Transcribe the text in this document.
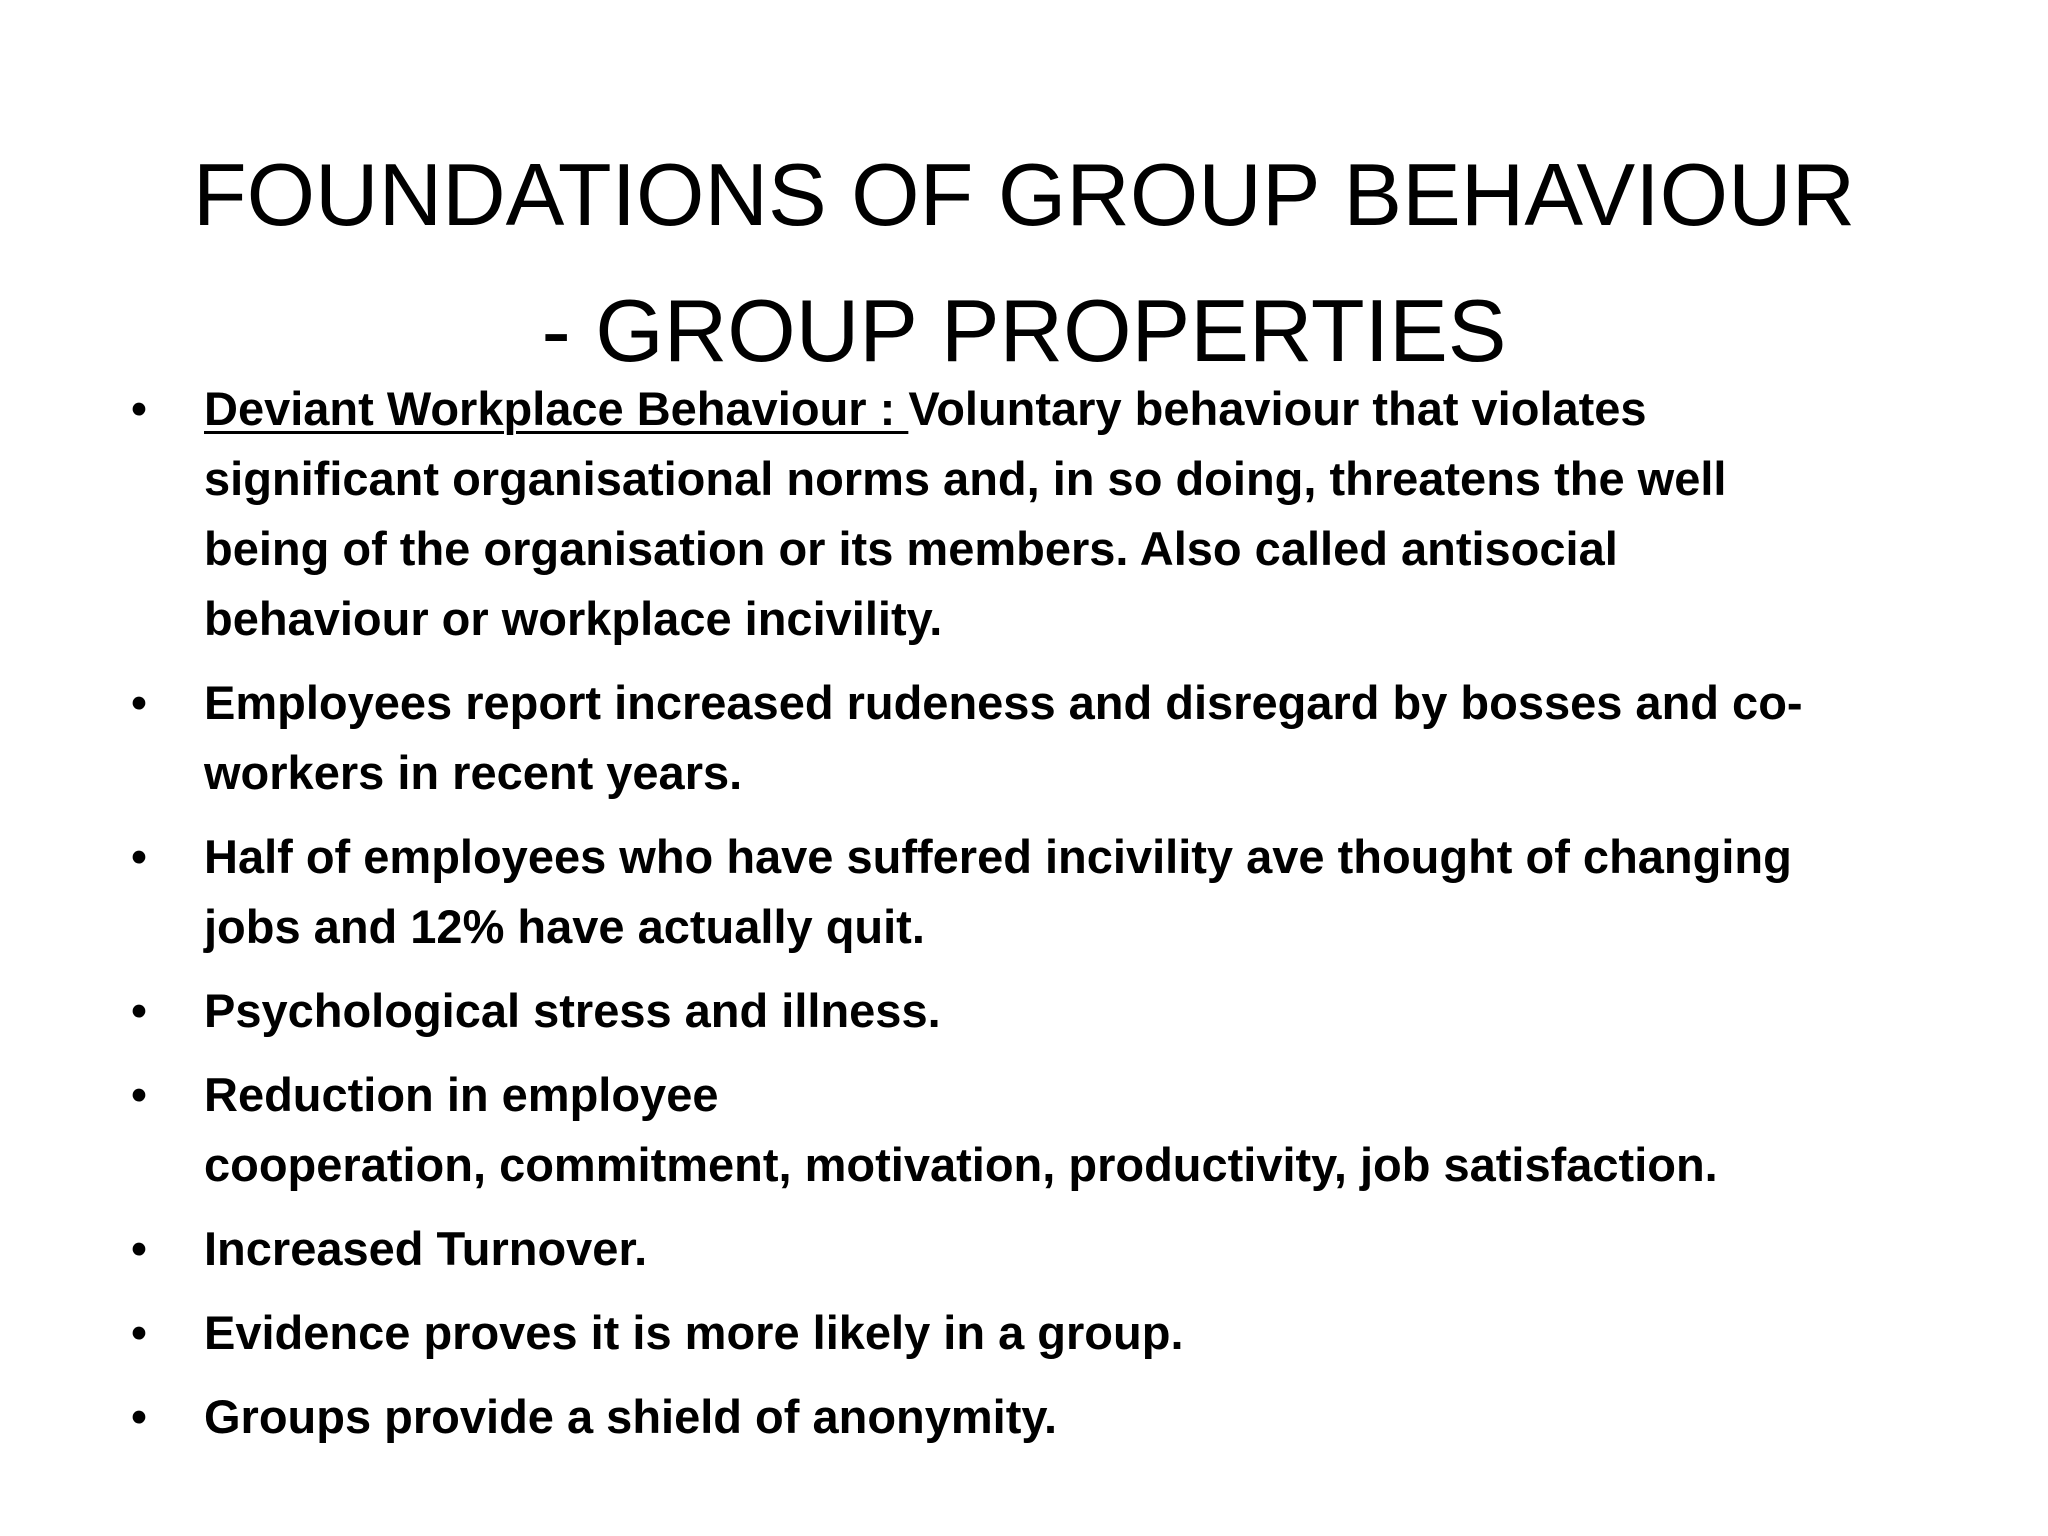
FOUNDATIONS OF GROUP BEHAVIOUR
- GROUP PROPERTIES
• Deviant Workplace Behaviour : Voluntary behaviour that violates
significant organisational norms and, in so doing, threatens the well
being of the organisation or its members. Also called antisocial
behaviour or workplace incivility.
• Employees report increased rudeness and disregard by bosses and co-
workers in recent years.
• Half of employees who have suffered incivility ave thought of changing
jobs and 12% have actually quit.
• Psychological stress and illness.
• Reduction in employee
cooperation, commitment, motivation, productivity, job satisfaction.
• Increased Turnover.
• Evidence proves it is more likely in a group.
• Groups provide a shield of anonymity.
